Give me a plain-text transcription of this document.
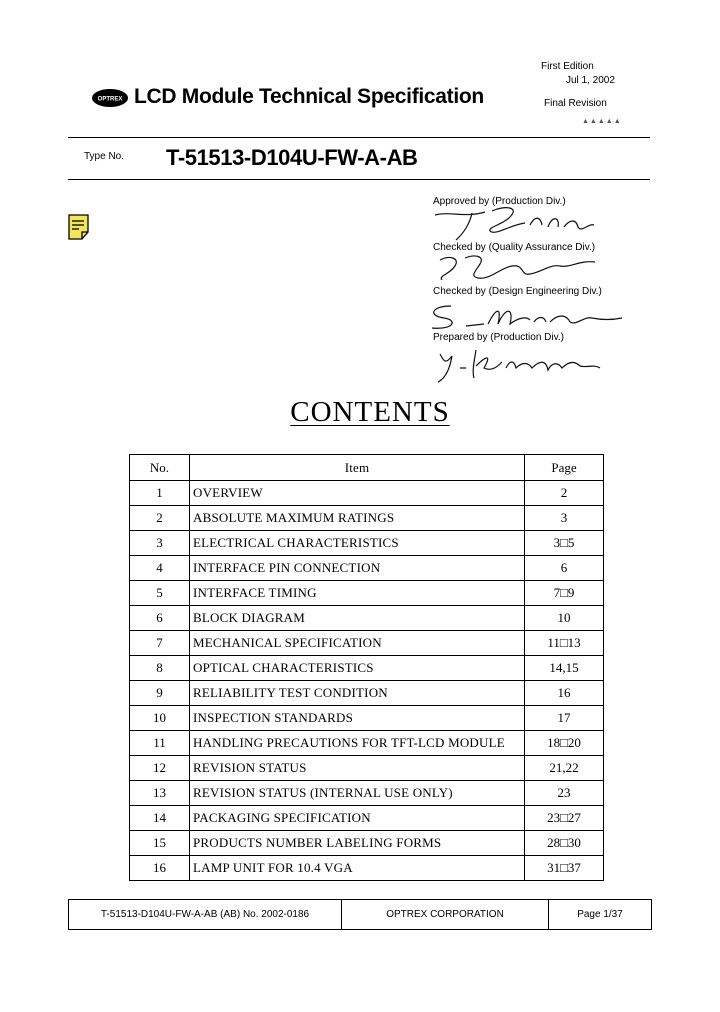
First Edition
Jul 1, 2002
Final Revision
▲▲▲▲▲
OPTREX LCD Module Technical Specification
Type No. T-51513-D104U-FW-A-AB
Approved by (Production Div.)
Checked by (Quality Assurance Div.)
Checked by (Design Engineering Div.)
Prepared by (Production Div.)
CONTENTS
No.	Item	Page
1	OVERVIEW	2
2	ABSOLUTE MAXIMUM RATINGS	3
3	ELECTRICAL CHARACTERISTICS	3□5
4	INTERFACE PIN CONNECTION	6
5	INTERFACE TIMING	7□9
6	BLOCK DIAGRAM	10
7	MECHANICAL SPECIFICATION	11□13
8	OPTICAL CHARACTERISTICS	14,15
9	RELIABILITY TEST CONDITION	16
10	INSPECTION STANDARDS	17
11	HANDLING PRECAUTIONS FOR TFT-LCD MODULE	18□20
12	REVISION STATUS	21,22
13	REVISION STATUS (INTERNAL USE ONLY)	23
14	PACKAGING SPECIFICATION	23□27
15	PRODUCTS NUMBER LABELING FORMS	28□30
16	LAMP UNIT FOR 10.4 VGA	31□37
T-51513-D104U-FW-A-AB (AB) No. 2002-0186	OPTREX CORPORATION	Page 1/37
